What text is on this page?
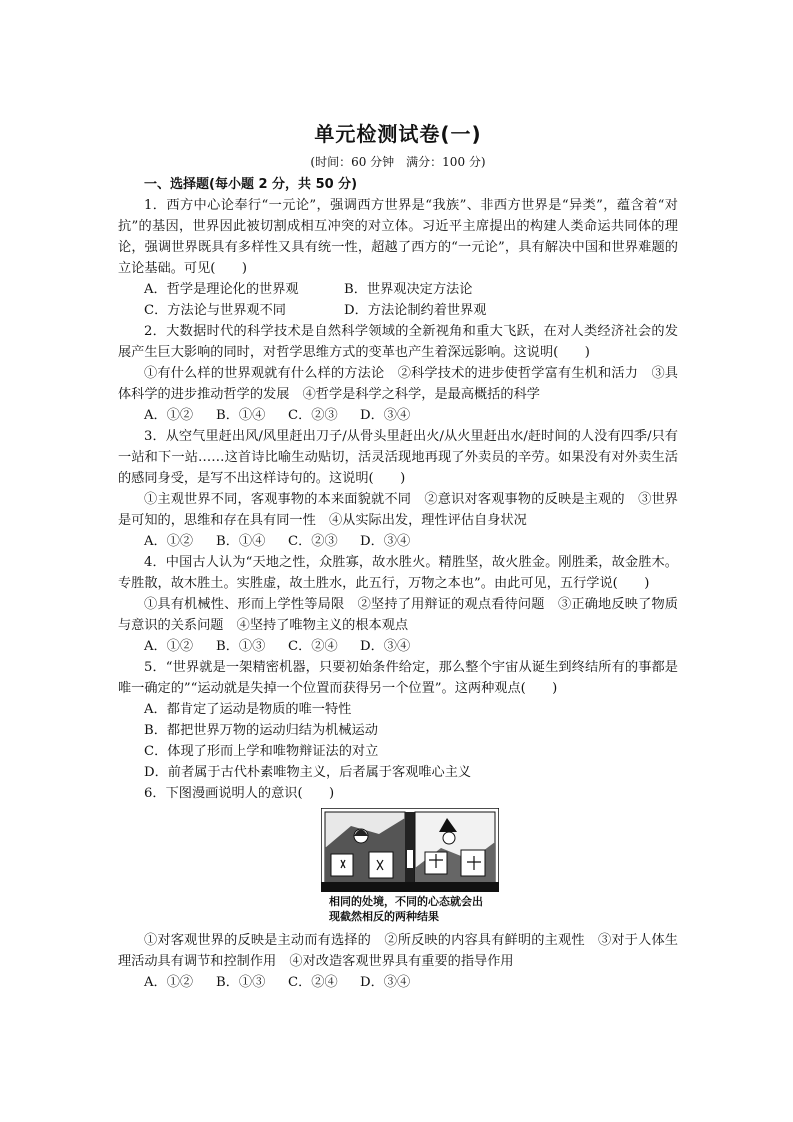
单元检测试卷(一)
(时间：60 分钟　满分：100 分)
一、选择题(每小题 2 分，共 50 分)

1．西方中心论奉行“一元论”，强调西方世界是“我族”、非西方世界是“异类”，蕴含着“对抗”的基因，世界因此被切割成相互冲突的对立体。习近平主席提出的构建人类命运共同体的理论，强调世界既具有多样性又具有统一性，超越了西方的“一元论”，具有解决中国和世界难题的立论基础。可见(　　)

A．哲学是理论化的世界观	B．世界观决定方法论

C．方法论与世界观不同	D．方法论制约着世界观

2．大数据时代的科学技术是自然科学领域的全新视角和重大飞跃，在对人类经济社会的发展产生巨大影响的同时，对哲学思维方式的变革也产生着深远影响。这说明(　　)

①有什么样的世界观就有什么样的方法论　②科学技术的进步使哲学富有生机和活力　③具体科学的进步推动哲学的发展　④哲学是科学之科学，是最高概括的科学

A．①② B．①④ C．②③ D．③④

3．从空气里赶出风/风里赶出刀子/从骨头里赶出火/从火里赶出水/赶时间的人没有四季/只有一站和下一站……这首诗比喻生动贴切，活灵活现地再现了外卖员的辛劳。如果没有对外卖生活的感同身受，是写不出这样诗句的。这说明(　　)

①主观世界不同，客观事物的本来面貌就不同　②意识对客观事物的反映是主观的　③世界是可知的，思维和存在具有同一性　④从实际出发，理性评估自身状况

A．①② B．①④ C．②③ D．③④

4．中国古人认为“天地之性，众胜寡，故水胜火。精胜坚，故火胜金。刚胜柔，故金胜木。专胜散，故木胜土。实胜虚，故土胜水，此五行，万物之本也”。由此可见，五行学说(　　)

①具有机械性、形而上学性等局限　②坚持了用辩证的观点看待问题　③正确地反映了物质与意识的关系问题　④坚持了唯物主义的根本观点

A．①② B．①③ C．②④ D．③④

5．“世界就是一架精密机器，只要初始条件给定，那么整个宇宙从诞生到终结所有的事都是唯一确定的”“运动就是失掉一个位置而获得另一个位置”。这两种观点(　　)

A．都肯定了运动是物质的唯一特性

B．都把世界万物的运动归结为机械运动

C．体现了形而上学和唯物辩证法的对立

D．前者属于古代朴素唯物主义，后者属于客观唯心主义

6．下图漫画说明人的意识(　　)

相同的处境，不同的心态就会出现截然相反的两种结果

①对客观世界的反映是主动而有选择的　②所反映的内容具有鲜明的主观性　③对于人体生理活动具有调节和控制作用　④对改造客观世界具有重要的指导作用

A．①② B．①③ C．②④ D．③④
